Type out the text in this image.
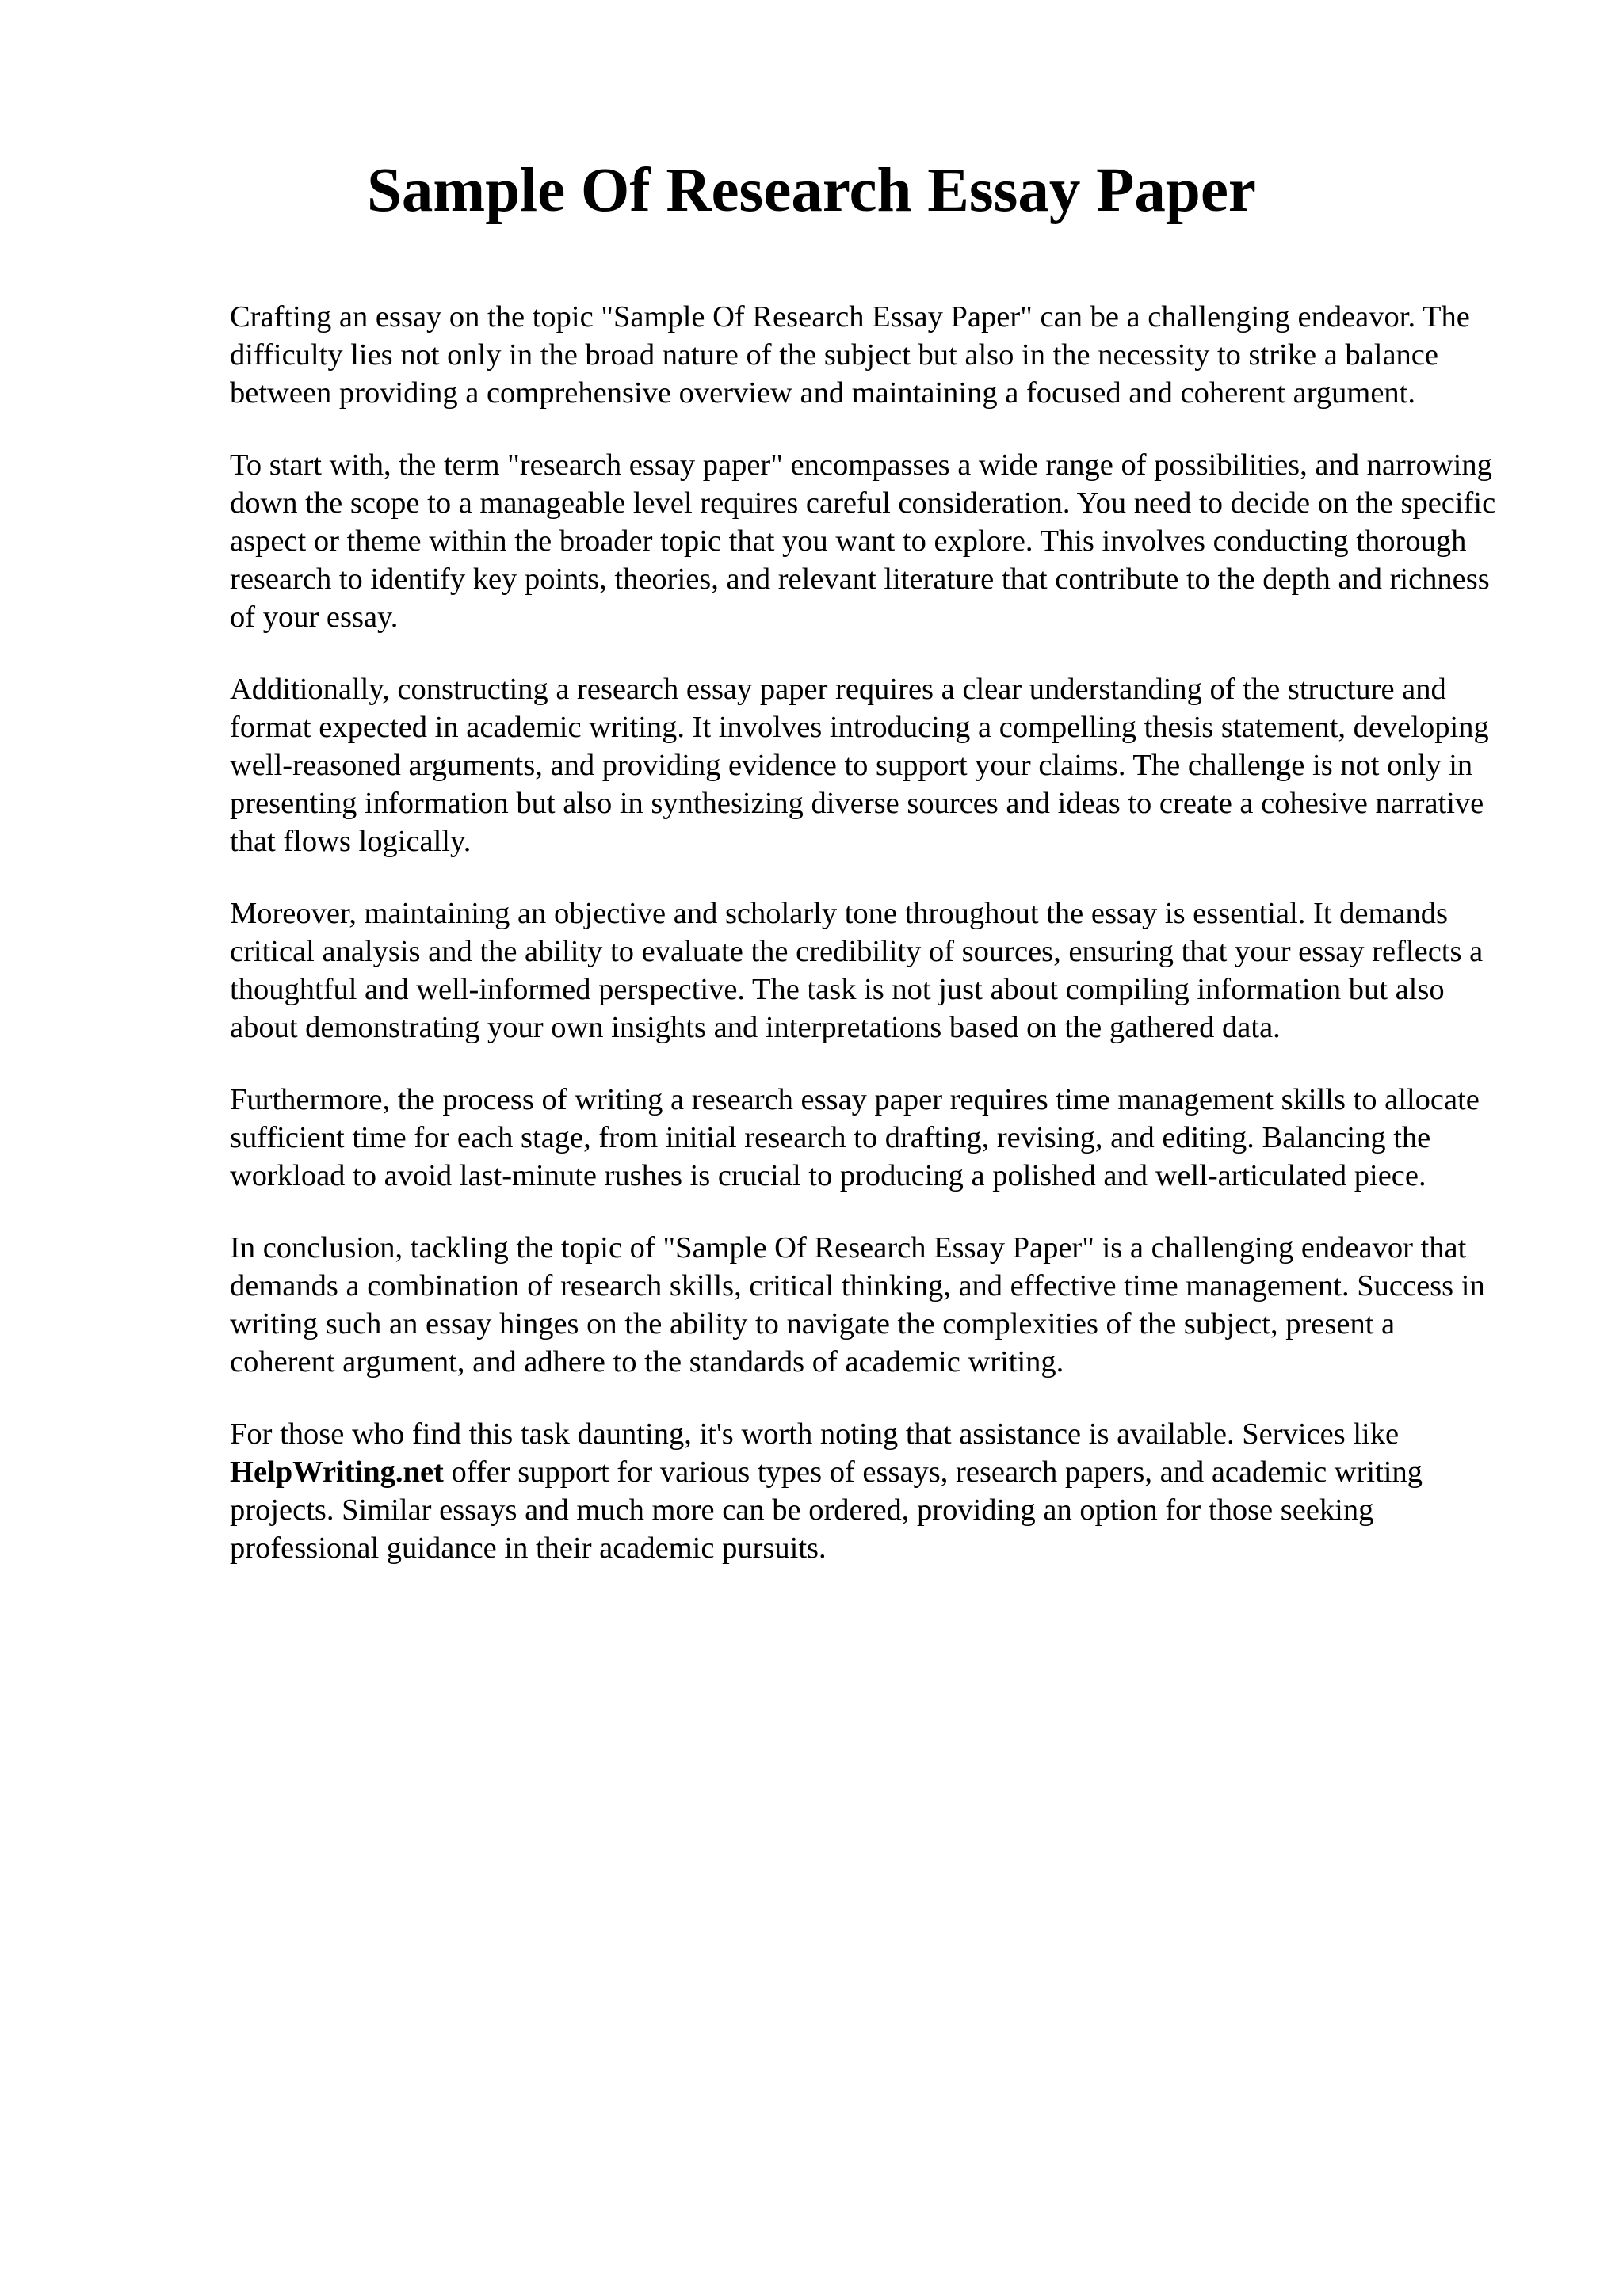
Sample Of Research Essay Paper

Crafting an essay on the topic "Sample Of Research Essay Paper" can be a challenging endeavor. The difficulty lies not only in the broad nature of the subject but also in the necessity to strike a balance between providing a comprehensive overview and maintaining a focused and coherent argument.

To start with, the term "research essay paper" encompasses a wide range of possibilities, and narrowing down the scope to a manageable level requires careful consideration. You need to decide on the specific aspect or theme within the broader topic that you want to explore. This involves conducting thorough research to identify key points, theories, and relevant literature that contribute to the depth and richness of your essay.

Additionally, constructing a research essay paper requires a clear understanding of the structure and format expected in academic writing. It involves introducing a compelling thesis statement, developing well-reasoned arguments, and providing evidence to support your claims. The challenge is not only in presenting information but also in synthesizing diverse sources and ideas to create a cohesive narrative that flows logically.

Moreover, maintaining an objective and scholarly tone throughout the essay is essential. It demands critical analysis and the ability to evaluate the credibility of sources, ensuring that your essay reflects a thoughtful and well-informed perspective. The task is not just about compiling information but also about demonstrating your own insights and interpretations based on the gathered data.

Furthermore, the process of writing a research essay paper requires time management skills to allocate sufficient time for each stage, from initial research to drafting, revising, and editing. Balancing the workload to avoid last-minute rushes is crucial to producing a polished and well-articulated piece.

In conclusion, tackling the topic of "Sample Of Research Essay Paper" is a challenging endeavor that demands a combination of research skills, critical thinking, and effective time management. Success in writing such an essay hinges on the ability to navigate the complexities of the subject, present a coherent argument, and adhere to the standards of academic writing.

For those who find this task daunting, it's worth noting that assistance is available. Services like HelpWriting.net offer support for various types of essays, research papers, and academic writing projects. Similar essays and much more can be ordered, providing an option for those seeking professional guidance in their academic pursuits.
